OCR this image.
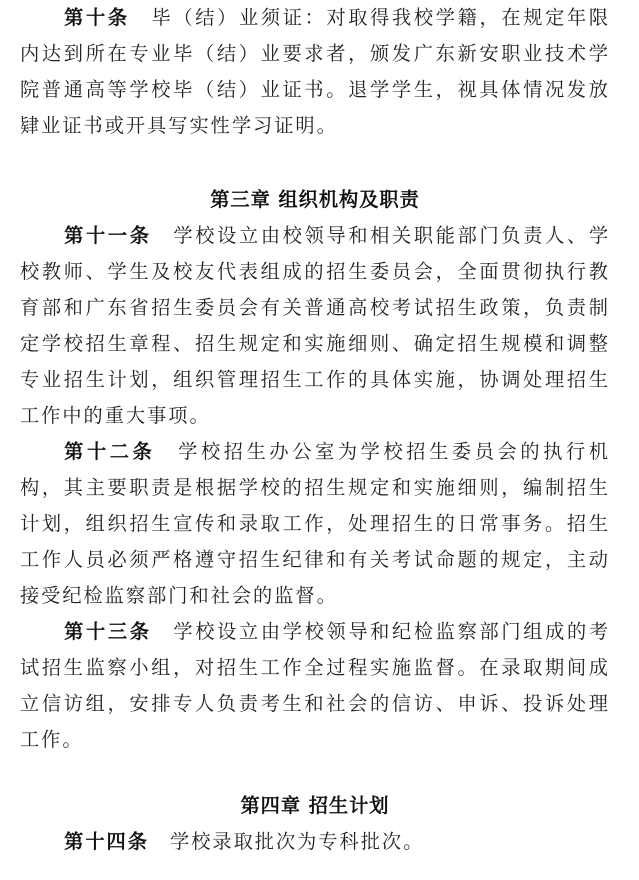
第十条 毕（结）业须证：对取得我校学籍，在规定年限内达到所在专业毕（结）业要求者，颁发广东新安职业技术学院普通高等学校毕（结）业证书。退学学生，视具体情况发放肄业证书或开具写实性学习证明。

第三章 组织机构及职责

第十一条 学校设立由校领导和相关职能部门负责人、学校教师、学生及校友代表组成的招生委员会，全面贯彻执行教育部和广东省招生委员会有关普通高校考试招生政策，负责制定学校招生章程、招生规定和实施细则、确定招生规模和调整专业招生计划，组织管理招生工作的具体实施，协调处理招生工作中的重大事项。

第十二条 学校招生办公室为学校招生委员会的执行机构，其主要职责是根据学校的招生规定和实施细则，编制招生计划，组织招生宣传和录取工作，处理招生的日常事务。招生工作人员必须严格遵守招生纪律和有关考试命题的规定，主动接受纪检监察部门和社会的监督。

第十三条 学校设立由学校领导和纪检监察部门组成的考试招生监察小组，对招生工作全过程实施监督。在录取期间成立信访组，安排专人负责考生和社会的信访、申诉、投诉处理工作。

第四章 招生计划

第十四条 学校录取批次为专科批次。
